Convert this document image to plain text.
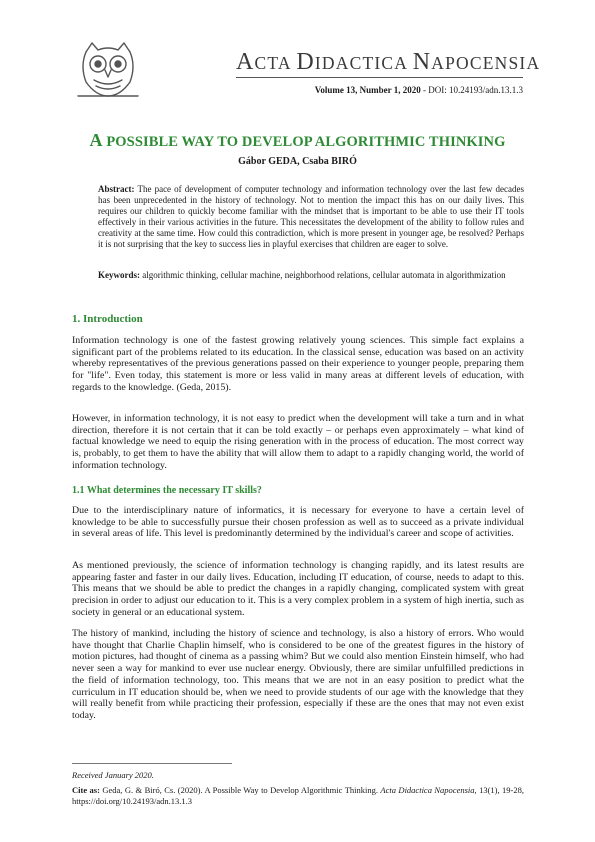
ACTA DIDACTICA NAPOCENSIA
Volume 13, Number 1, 2020 - DOI: 10.24193/adn.13.1.3
A POSSIBLE WAY TO DEVELOP ALGORITHMIC THINKING
Gábor GEDA, Csaba BIRÓ
Abstract: The pace of development of computer technology and information technology over the last few decades has been unprecedented in the history of technology. Not to mention the impact this has on our daily lives. This requires our children to quickly become familiar with the mindset that is important to be able to use their IT tools effectively in their various activities in the future. This necessitates the development of the ability to follow rules and creativity at the same time. How could this contradiction, which is more present in younger age, be resolved? Perhaps it is not surprising that the key to success lies in playful exercises that children are eager to solve.
Keywords: algorithmic thinking, cellular machine, neighborhood relations, cellular automata in algorithmization
1. Introduction
Information technology is one of the fastest growing relatively young sciences. This simple fact explains a significant part of the problems related to its education. In the classical sense, education was based on an activity whereby representatives of the previous generations passed on their experience to younger people, preparing them for "life". Even today, this statement is more or less valid in many areas at different levels of education, with regards to the knowledge. (Geda, 2015).
However, in information technology, it is not easy to predict when the development will take a turn and in what direction, therefore it is not certain that it can be told exactly – or perhaps even approximately – what kind of factual knowledge we need to equip the rising generation with in the process of education. The most correct way is, probably, to get them to have the ability that will allow them to adapt to a rapidly changing world, the world of information technology.
1.1 What determines the necessary IT skills?
Due to the interdisciplinary nature of informatics, it is necessary for everyone to have a certain level of knowledge to be able to successfully pursue their chosen profession as well as to succeed as a private individual in several areas of life. This level is predominantly determined by the individual's career and scope of activities.
As mentioned previously, the science of information technology is changing rapidly, and its latest results are appearing faster and faster in our daily lives. Education, including IT education, of course, needs to adapt to this. This means that we should be able to predict the changes in a rapidly changing, complicated system with great precision in order to adjust our education to it. This is a very complex problem in a system of high inertia, such as society in general or an educational system.
The history of mankind, including the history of science and technology, is also a history of errors. Who would have thought that Charlie Chaplin himself, who is considered to be one of the greatest figures in the history of motion pictures, had thought of cinema as a passing whim? But we could also mention Einstein himself, who had never seen a way for mankind to ever use nuclear energy. Obviously, there are similar unfulfilled predictions in the field of information technology, too. This means that we are not in an easy position to predict what the curriculum in IT education should be, when we need to provide students of our age with the knowledge that they will really benefit from while practicing their profession, especially if these are the ones that may not even exist today.
Received January 2020.
Cite as: Geda, G. & Biró, Cs. (2020). A Possible Way to Develop Algorithmic Thinking. Acta Didactica Napocensia, 13(1), 19-28, https://doi.org/10.24193/adn.13.1.3
